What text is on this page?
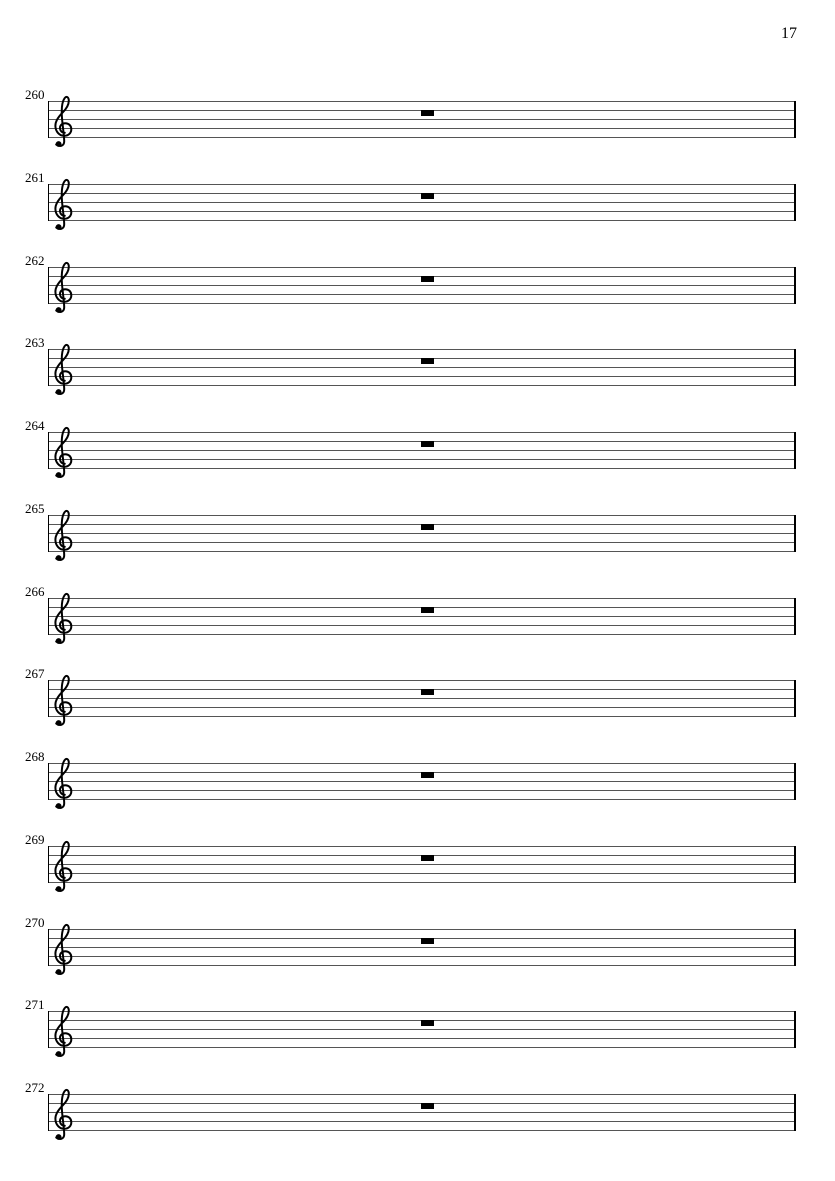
17
260
261
262
263
264
265
266
267
268
269
270
271
272
